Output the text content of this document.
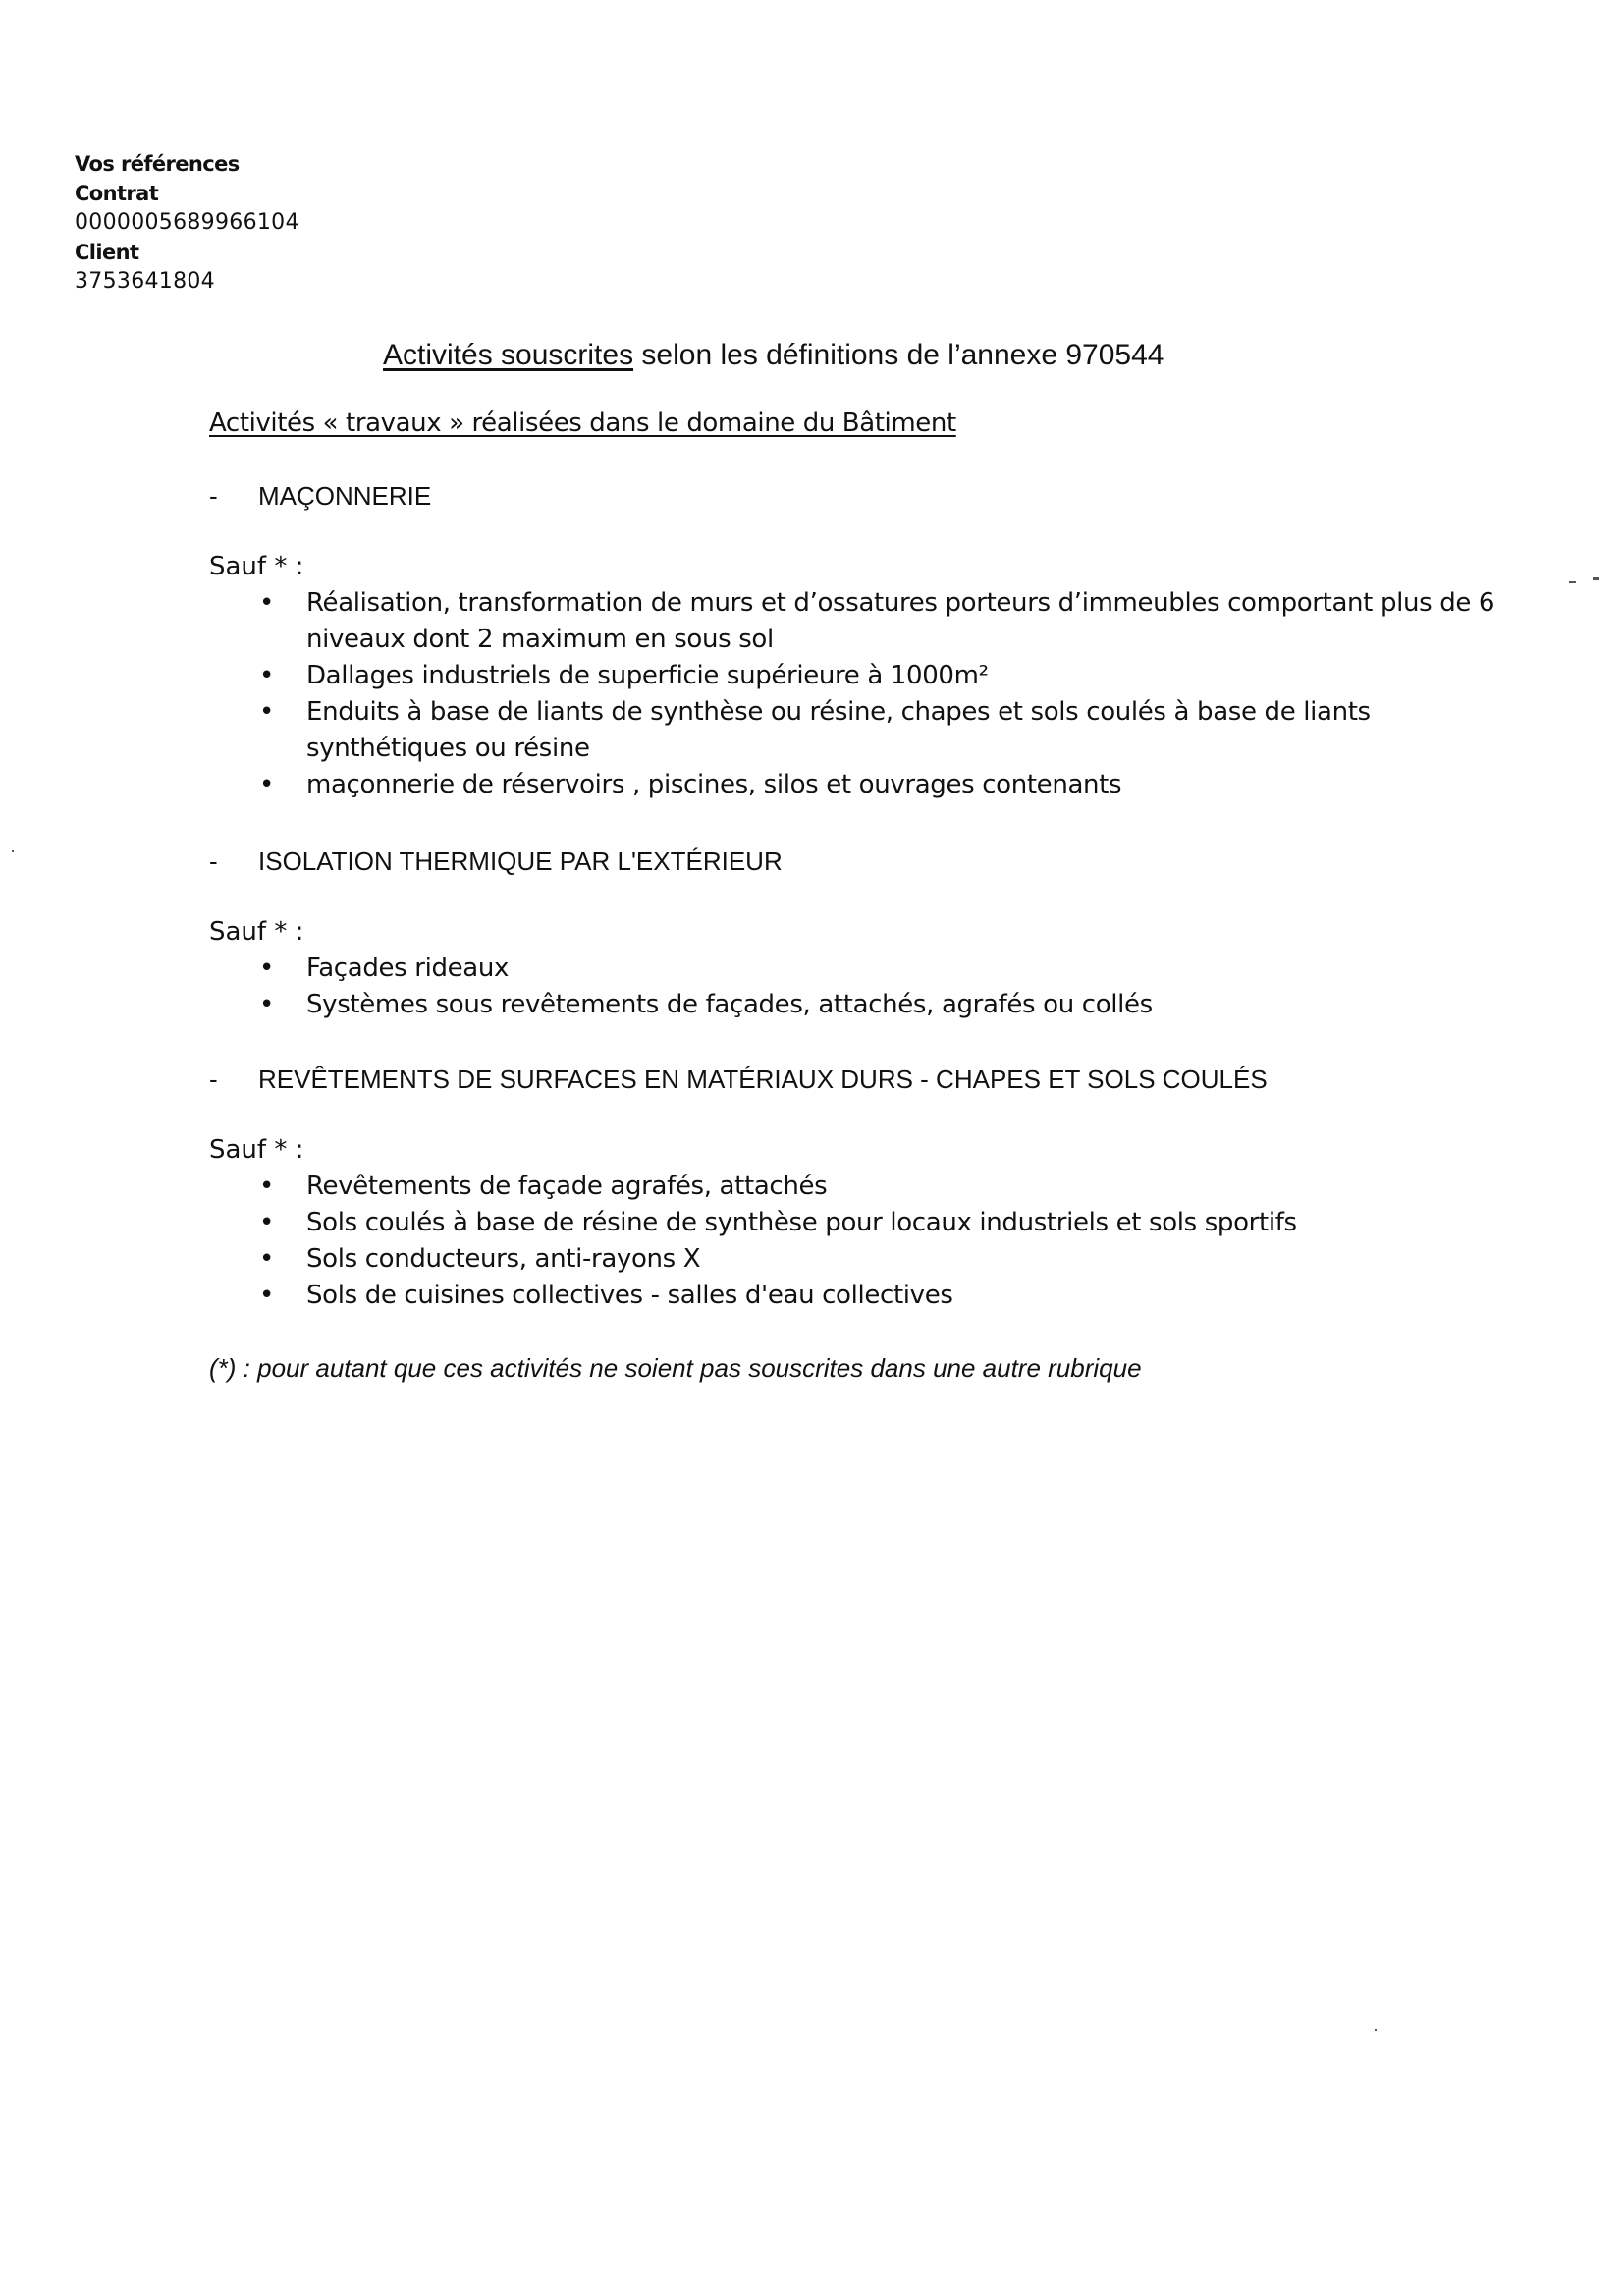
Vos références
Contrat
0000005689966104
Client
3753641804
Activités souscrites selon les définitions de l’annexe 970544
Activités « travaux » réalisées dans le domaine du Bâtiment
- MAÇONNERIE
Sauf * :
• Réalisation, transformation de murs et d’ossatures porteurs d’immeubles comportant plus de 6 niveaux dont 2 maximum en sous sol
• Dallages industriels de superficie supérieure à 1000m²
• Enduits à base de liants de synthèse ou résine, chapes et sols coulés à base de liants synthétiques ou résine
• maçonnerie de réservoirs , piscines, silos et ouvrages contenants
- ISOLATION THERMIQUE PAR L'EXTÉRIEUR
Sauf * :
• Façades rideaux
• Systèmes sous revêtements de façades, attachés, agrafés ou collés
- REVÊTEMENTS DE SURFACES EN MATÉRIAUX DURS - CHAPES ET SOLS COULÉS
Sauf * :
• Revêtements de façade agrafés, attachés
• Sols coulés à base de résine de synthèse pour locaux industriels et sols sportifs
• Sols conducteurs, anti-rayons X
• Sols de cuisines collectives - salles d'eau collectives
(*) : pour autant que ces activités ne soient pas souscrites dans une autre rubrique
